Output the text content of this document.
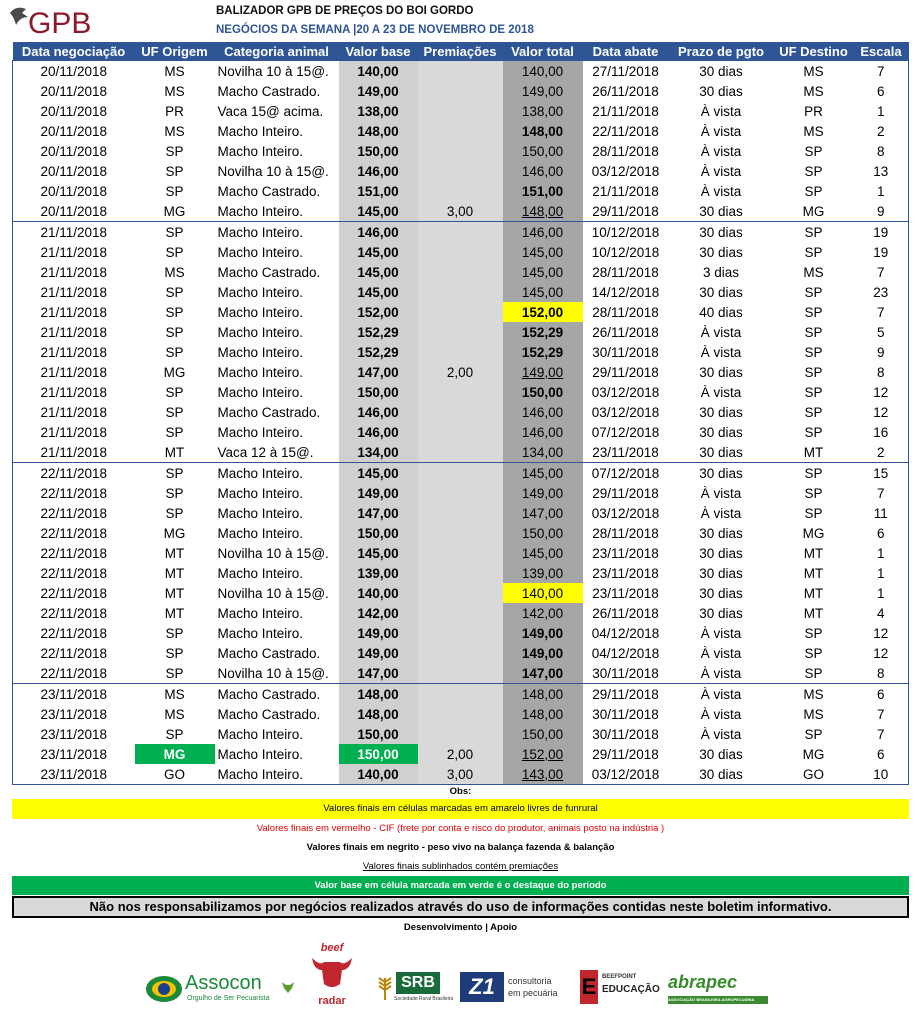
GPB	BALIZADOR GPB DE PREÇOS DO BOI GORDO
NEGÓCIOS DA SEMANA |20 A 23 DE NOVEMBRO DE 2018
Data negociação	UF Origem	Categoria animal	Valor base	Premiações	Valor total	Data abate	Prazo de pgto	UF Destino	Escala
20/11/2018	MS	Novilha 10 à 15@.	140,00		140,00	27/11/2018	30 dias	MS	7
20/11/2018	MS	Macho Castrado.	149,00		149,00	26/11/2018	30 dias	MS	6
20/11/2018	PR	Vaca 15@ acima.	138,00		138,00	21/11/2018	À vista	PR	1
20/11/2018	MS	Macho Inteiro.	148,00		148,00	22/11/2018	À vista	MS	2
20/11/2018	SP	Macho Inteiro.	150,00		150,00	28/11/2018	À vista	SP	8
20/11/2018	SP	Novilha 10 à 15@.	146,00		146,00	03/12/2018	À vista	SP	13
20/11/2018	SP	Macho Castrado.	151,00		151,00	21/11/2018	À vista	SP	1
20/11/2018	MG	Macho Inteiro.	145,00	3,00	148,00	29/11/2018	30 dias	MG	9
21/11/2018	SP	Macho Inteiro.	146,00		146,00	10/12/2018	30 dias	SP	19
21/11/2018	SP	Macho Inteiro.	145,00		145,00	10/12/2018	30 dias	SP	19
21/11/2018	MS	Macho Castrado.	145,00		145,00	28/11/2018	3 dias	MS	7
21/11/2018	SP	Macho Inteiro.	145,00		145,00	14/12/2018	30 dias	SP	23
21/11/2018	SP	Macho Inteiro.	152,00		152,00	28/11/2018	40 dias	SP	7
21/11/2018	SP	Macho Inteiro.	152,29		152,29	26/11/2018	À vista	SP	5
21/11/2018	SP	Macho Inteiro.	152,29		152,29	30/11/2018	À vista	SP	9
21/11/2018	MG	Macho Inteiro.	147,00	2,00	149,00	29/11/2018	30 dias	SP	8
21/11/2018	SP	Macho Inteiro.	150,00		150,00	03/12/2018	À vista	SP	12
21/11/2018	SP	Macho Castrado.	146,00		146,00	03/12/2018	30 dias	SP	12
21/11/2018	SP	Macho Inteiro.	146,00		146,00	07/12/2018	30 dias	SP	16
21/11/2018	MT	Vaca 12 à 15@.	134,00		134,00	23/11/2018	30 dias	MT	2
22/11/2018	SP	Macho Inteiro.	145,00		145,00	07/12/2018	30 dias	SP	15
22/11/2018	SP	Macho Inteiro.	149,00		149,00	29/11/2018	À vista	SP	7
22/11/2018	SP	Macho Inteiro.	147,00		147,00	03/12/2018	À vista	SP	11
22/11/2018	MG	Macho Inteiro.	150,00		150,00	28/11/2018	30 dias	MG	6
22/11/2018	MT	Novilha 10 à 15@.	145,00		145,00	23/11/2018	30 dias	MT	1
22/11/2018	MT	Macho Inteiro.	139,00		139,00	23/11/2018	30 dias	MT	1
22/11/2018	MT	Novilha 10 à 15@.	140,00		140,00	23/11/2018	30 dias	MT	1
22/11/2018	MT	Macho Inteiro.	142,00		142,00	26/11/2018	30 dias	MT	4
22/11/2018	SP	Macho Inteiro.	149,00		149,00	04/12/2018	À vista	SP	12
22/11/2018	SP	Macho Castrado.	149,00		149,00	04/12/2018	À vista	SP	12
22/11/2018	SP	Novilha 10 à 15@.	147,00		147,00	30/11/2018	À vista	SP	8
23/11/2018	MS	Macho Castrado.	148,00		148,00	29/11/2018	À vista	MS	6
23/11/2018	MS	Macho Castrado.	148,00		148,00	30/11/2018	À vista	MS	7
23/11/2018	SP	Macho Inteiro.	150,00		150,00	30/11/2018	À vista	SP	7
23/11/2018	MG	Macho Inteiro.	150,00	2,00	152,00	29/11/2018	30 dias	MG	6
23/11/2018	GO	Macho Inteiro.	140,00	3,00	143,00	03/12/2018	30 dias	GO	10
Obs:
Valores finais em células marcadas em amarelo livres de funrural
Valores finais em vermelho - CIF (frete por conta e risco do produtor, animais posto na indústria )
Valores finais em negrito - peso vivo na balança fazenda & balanção
Valores finais sublinhados contém premiações
Valor base em célula marcada em verde é o destaque do período
Não nos responsabilizamos por negócios realizados através do uso de informações contidas neste boletim informativo.
Desenvolvimento | Apoio
Assocon
Orgulho de Ser Pecuarista
beef
radar
SRB
Sociedade Rural Brasileira Z1	consultoria
em pecuária E BEEFPOINT
EDUCAÇÃO abrapec
ASSOCIAÇÃO BRASILEIRA AGROPECUÁRIA
